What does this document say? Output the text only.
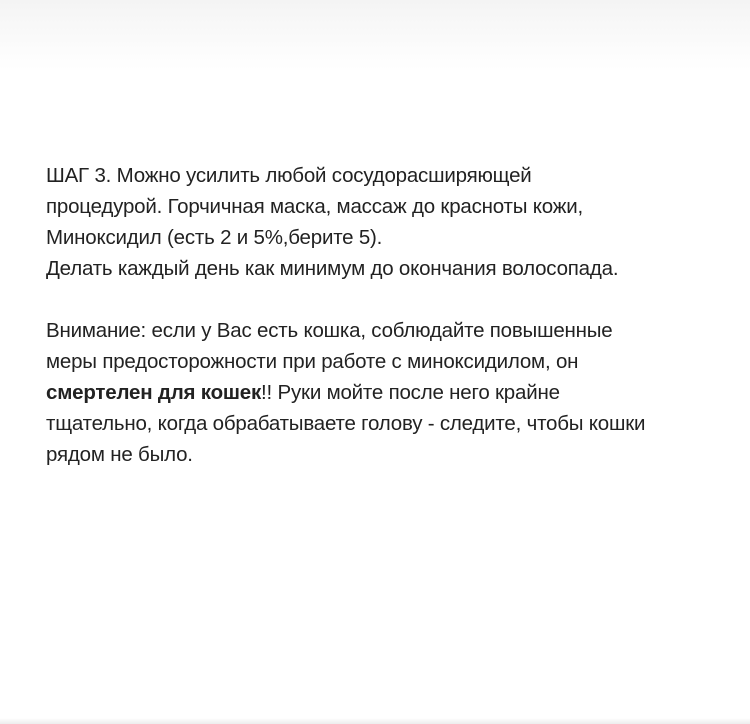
ШАГ 3. Можно усилить любой сосудорасширяющей
процедурой. Горчичная маска, массаж до красноты кожи,
Миноксидил (есть 2 и 5%,берите 5).
Делать каждый день как минимум до окончания волосопада.
Внимание: если у Вас есть кошка, соблюдайте повышенные
меры предосторожности при работе с миноксидилом, он
смертелен для кошек!! Руки мойте после него крайне
тщательно, когда обрабатываете голову - следите, чтобы кошки
рядом не было.
